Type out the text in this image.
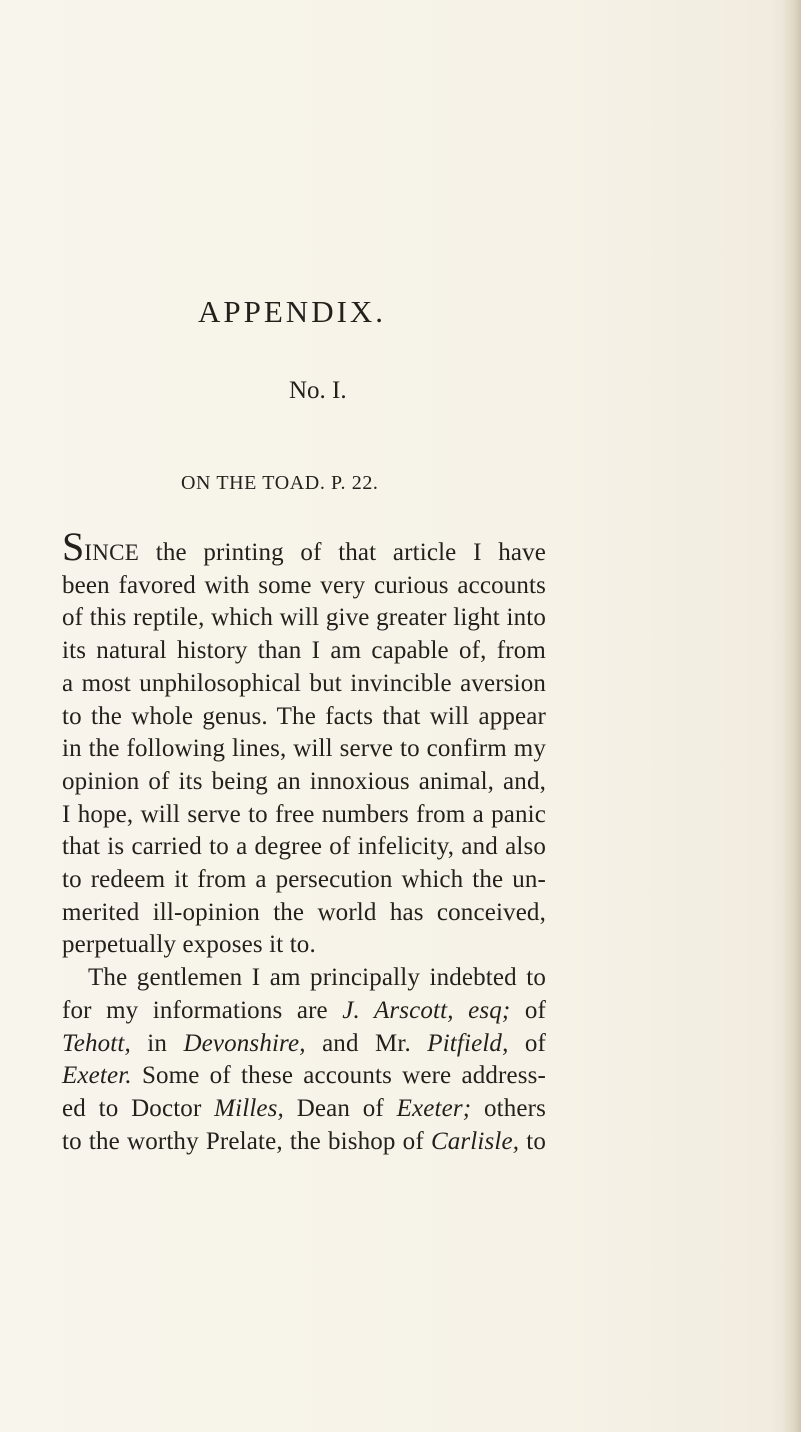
APPENDIX.
No. I.
ON THE TOAD. P. 22.
SINCE the printing of that article I have
been favored with some very curious accounts
of this reptile, which will give greater light into
its natural history than I am capable of, from
a most unphilosophical but invincible aversion
to the whole genus. The facts that will appear
in the following lines, will serve to confirm my
opinion of its being an innoxious animal, and,
I hope, will serve to free numbers from a panic
that is carried to a degree of infelicity, and also
to redeem it from a persecution which the un-
merited ill-opinion the world has conceived,
perpetually exposes it to.
The gentlemen I am principally indebted to
for my informations are J. Arscott, esq; of
Tehott, in Devonshire, and Mr. Pitfield, of
Exeter. Some of these accounts were address-
ed to Doctor Milles, Dean of Exeter; others
to the worthy Prelate, the bishop of Carlisle, to
